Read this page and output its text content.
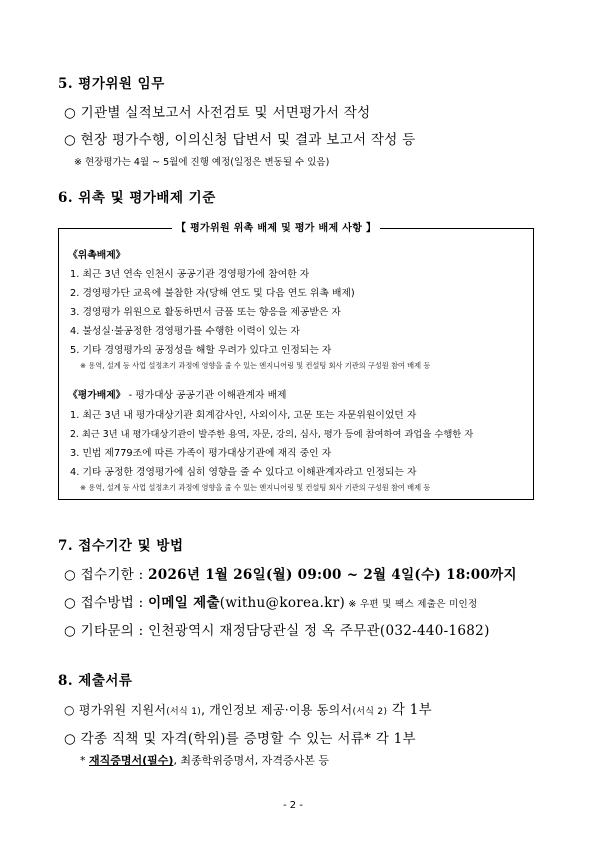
5. 평가위원 임무
○ 기관별 실적보고서 사전검토 및 서면평가서 작성
○ 현장 평가수행, 이의신청 답변서 및 결과 보고서 작성 등
※ 현장평가는 4월 ~ 5월에 진행 예정(일정은 변동될 수 있음)
6. 위촉 및 평가배제 기준
【 평가위원 위촉 배제 및 평가 배제 사항 】
《위촉배제》
1. 최근 3년 연속 인천시 공공기관 경영평가에 참여한 자
2. 경영평가단 교육에 불참한 자(당해 연도 및 다음 연도 위촉 배제)
3. 경영평가 위원으로 활동하면서 금품 또는 향응을 제공받은 자
4. 불성실·불공정한 경영평가를 수행한 이력이 있는 자
5. 기타 경영평가의 공정성을 해할 우려가 있다고 인정되는 자
※ 용역, 설계 등 사업 설정초기 과정에 영향을 줄 수 있는 엔지니어링 및 컨설팅 회사 기관의 구성원 참여 배제 등
《평가배제》 - 평가대상 공공기관 이해관계자 배제
1. 최근 3년 내 평가대상기관 회계감사인, 사외이사, 고문 또는 자문위원이었던 자
2. 최근 3년 내 평가대상기관이 발주한 용역, 자문, 강의, 심사, 평가 등에 참여하여 과업을 수행한 자
3. 민법 제779조에 따른 가족이 평가대상기관에 재직 중인 자
4. 기타 공정한 경영평가에 심히 영향을 줄 수 있다고 이해관계자라고 인정되는 자
※ 용역, 설계 등 사업 설정초기 과정에 영향을 줄 수 있는 엔지니어링 및 컨설팅 회사 기관의 구성원 참여 배제 등
7. 접수기간 및 방법
○ 접수기한 : 2026년 1월 26일(월) 09:00 ~ 2월 4일(수) 18:00까지
○ 접수방법 : 이메일 제출(withu@korea.kr) ※ 우편 및 팩스 제출은 미인정
○ 기타문의 : 인천광역시 재정담당관실 정 옥 주무관(032-440-1682)
8. 제출서류
○ 평가위원 지원서(서식 1), 개인정보 제공·이용 동의서(서식 2) 각 1부
○ 각종 직책 및 자격(학위)를 증명할 수 있는 서류* 각 1부
* 재직증명서(필수), 최종학위증명서, 자격증사본 등
- 2 -
